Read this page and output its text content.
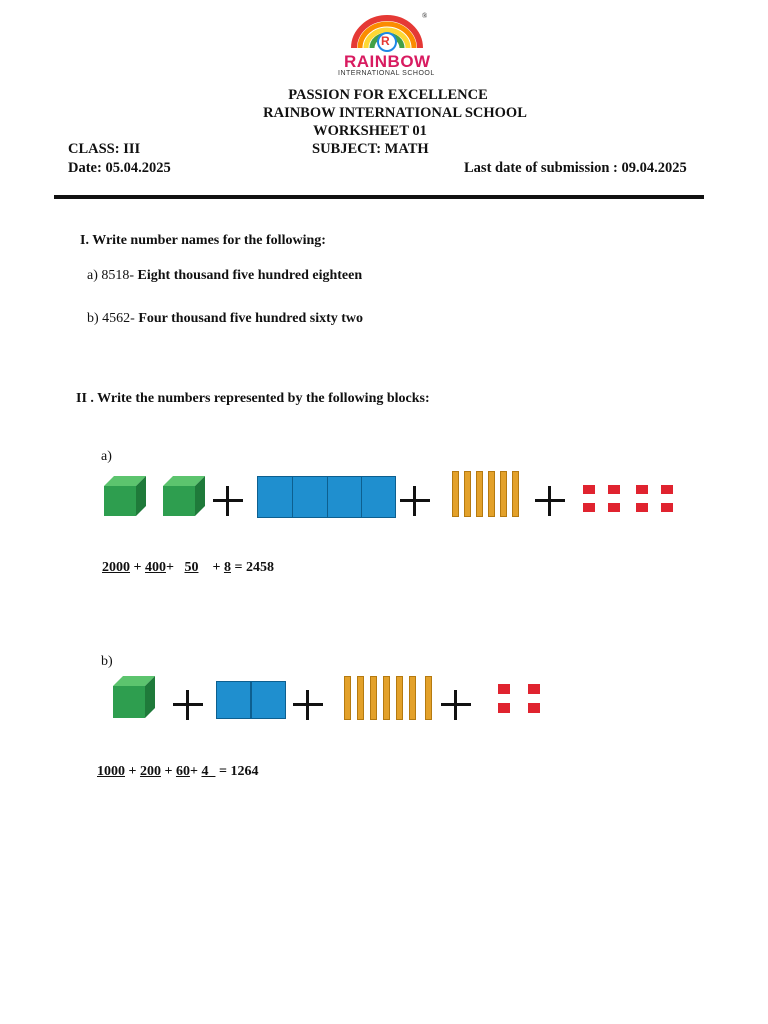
R
®
RAINBOW
INTERNATIONAL SCHOOL
PASSION FOR EXCELLENCE
RAINBOW INTERNATIONAL SCHOOL
WORKSHEET 01
CLASS: III	SUBJECT: MATH
Date: 05.04.2025	Last date of submission : 09.04.2025
I. Write number names for the following:
a) 8518- Eight thousand five hundred eighteen
b) 4562- Four thousand five hundred sixty two
II . Write the numbers represented by the following blocks:
a)
2000 + 400+   50    + 8 = 2458
b)
1000 + 200 + 60+ 4   = 1264
